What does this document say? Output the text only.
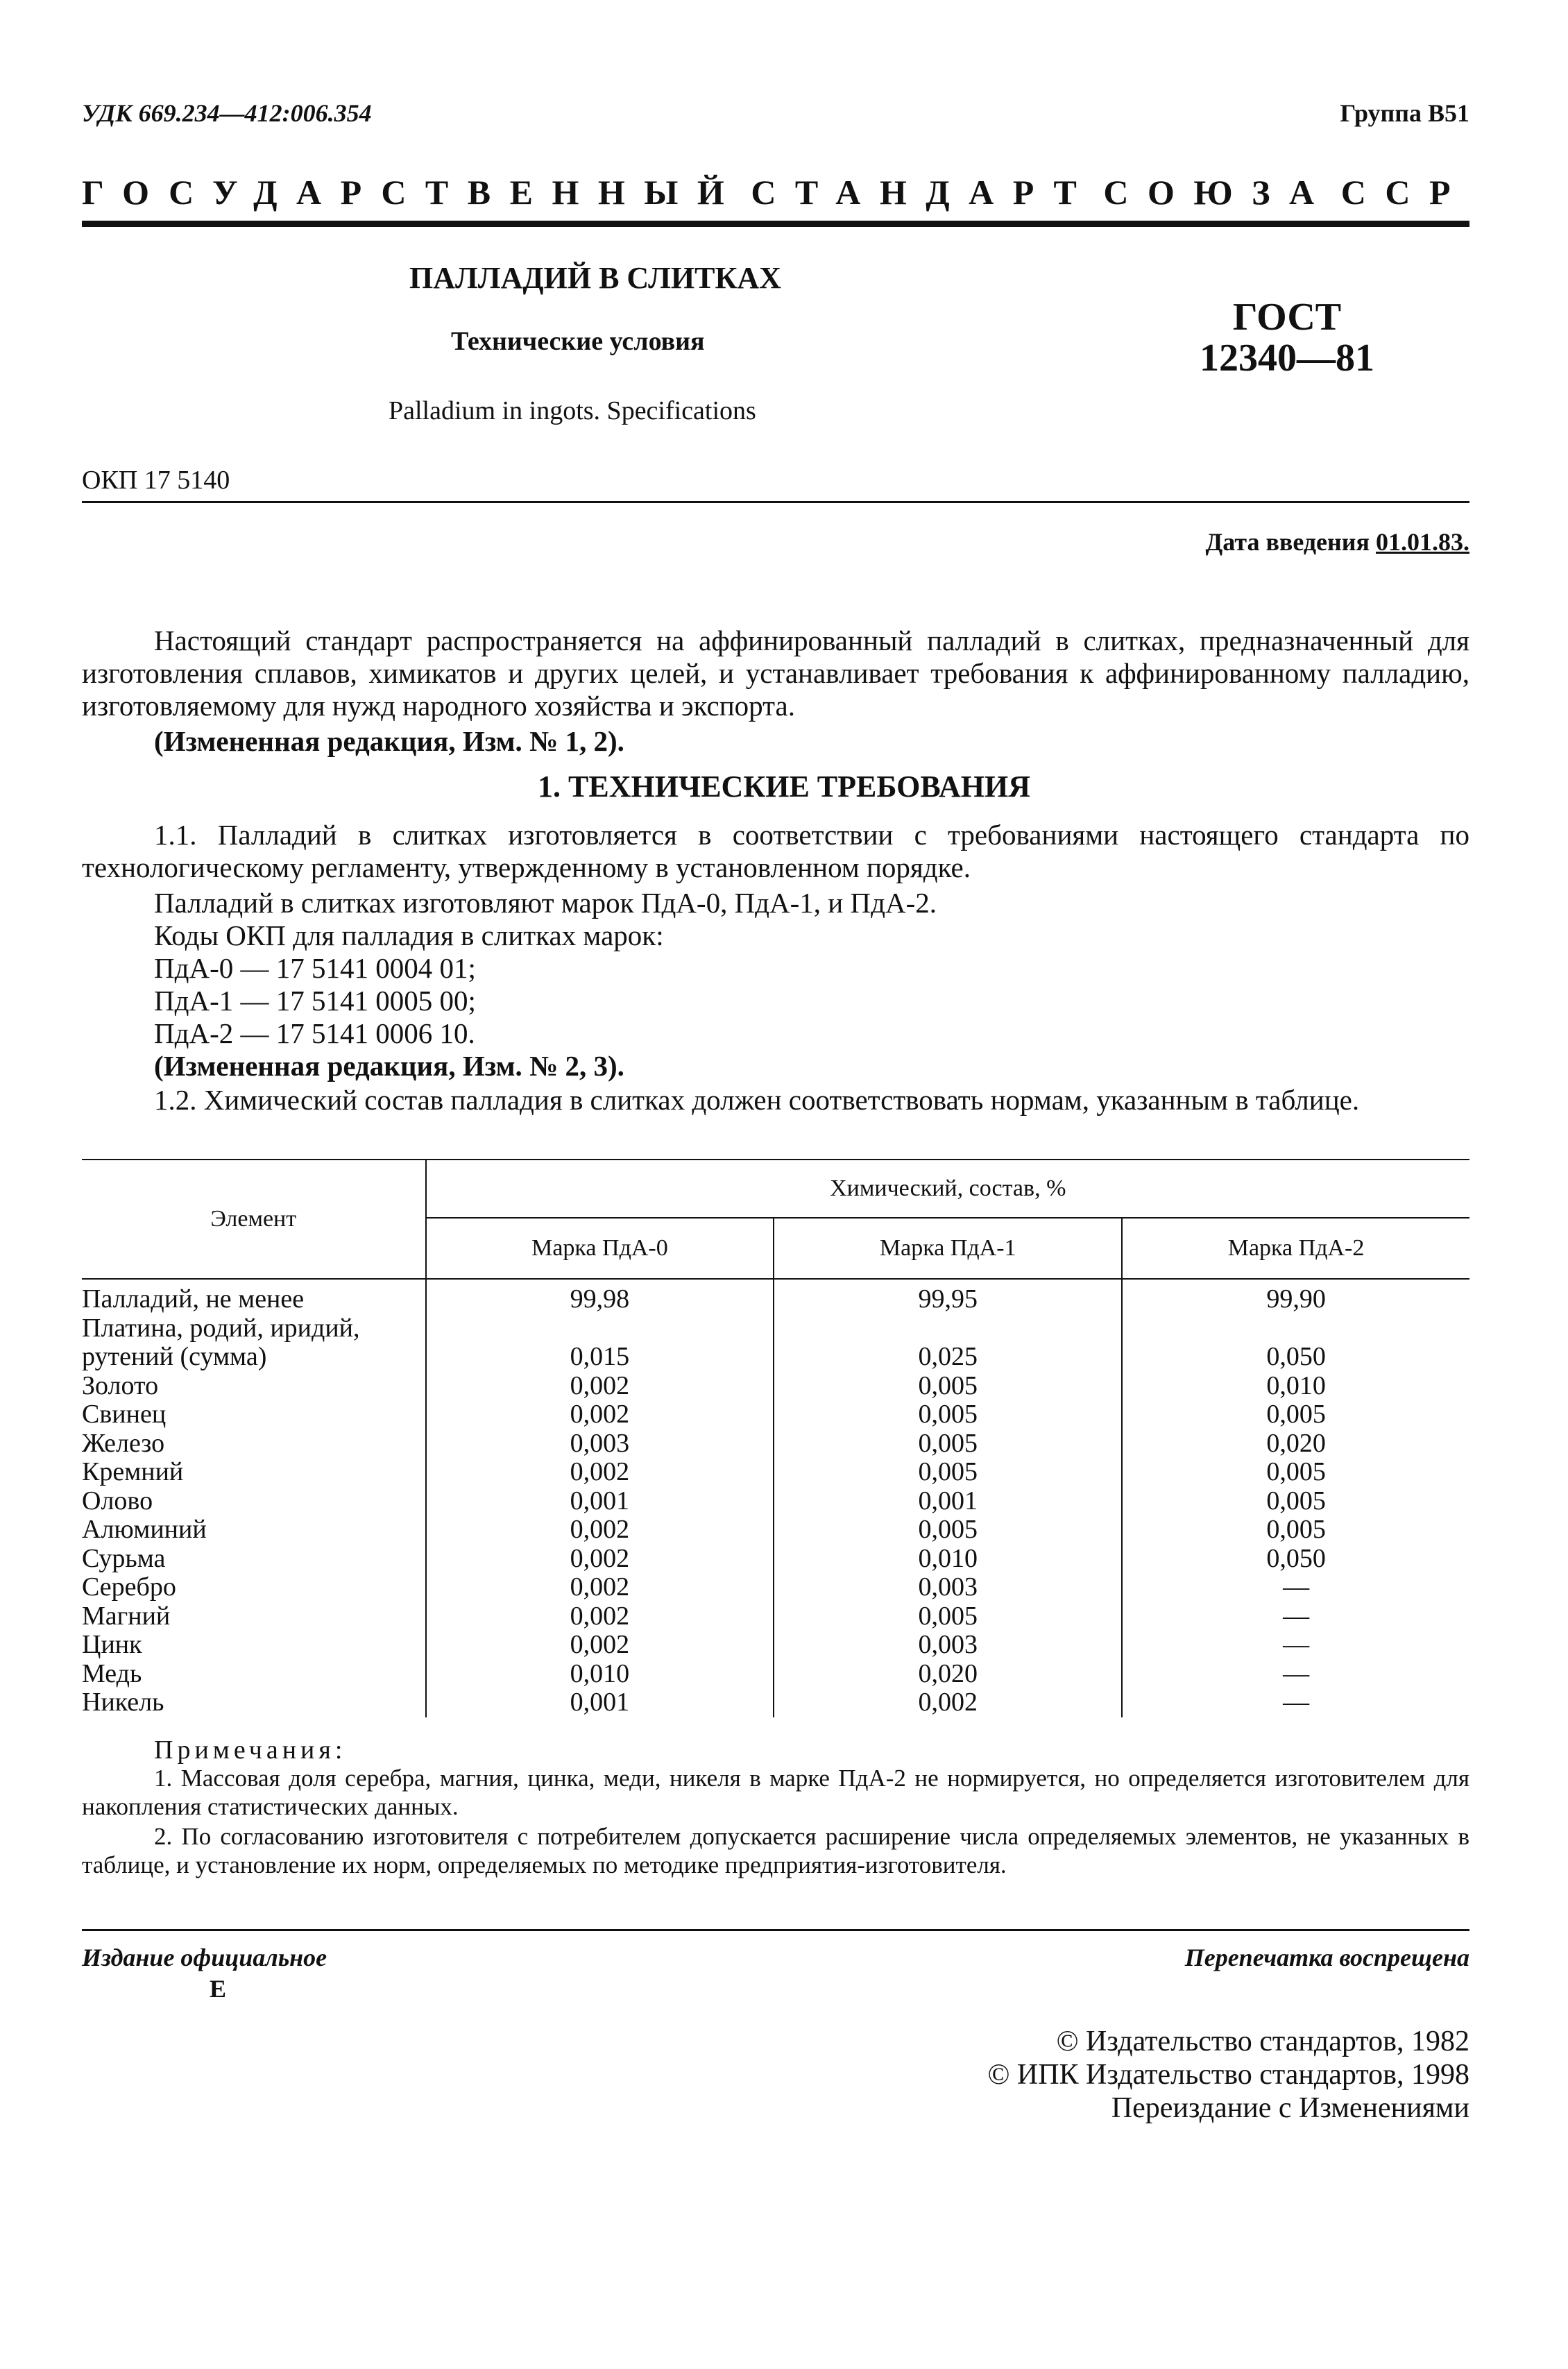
УДК 669.234—412:006.354	Группа В51
ГОСУДАРСТВЕННЫЙ СТАНДАРТ СОЮЗА ССР
ПАЛЛАДИЙ В СЛИТКАХ
Технические условия
Palladium in ingots. Specifications
ГОСТ
12340—81
ОКП 17 5140
Дата введения 01.01.83.
Настоящий стандарт распространяется на аффинированный палладий в слитках, предназначенный для изготовления сплавов, химикатов и других целей, и устанавливает требования к аффинированному палладию, изготовляемому для нужд народного хозяйства и экспорта.
(Измененная редакция, Изм. № 1, 2).
1. ТЕХНИЧЕСКИЕ ТРЕБОВАНИЯ
1.1. Палладий в слитках изготовляется в соответствии с требованиями настоящего стандарта по технологическому регламенту, утвержденному в установленном порядке.
Палладий в слитках изготовляют марок ПдА-0, ПдА-1, и ПдА-2.
Коды ОКП для палладия в слитках марок:
ПдА-0 — 17 5141 0004 01;
ПдА-1 — 17 5141 0005 00;
ПдА-2 — 17 5141 0006 10.
(Измененная редакция, Изм. № 2, 3).
1.2. Химический состав палладия в слитках должен соответствовать нормам, указанным в таблице.
Элемент	Химический, состав, %		
	Марка ПдА-0	Марка ПдА-1	Марка ПдА-2
Палладий, не менее	99,98	99,95	99,90
Платина, родий, иридий,			
рутений (сумма)	0,015	0,025	0,050
Золото	0,002	0,005	0,010
Свинец	0,002	0,005	0,005
Железо	0,003	0,005	0,020
Кремний	0,002	0,005	0,005
Олово	0,001	0,001	0,005
Алюминий	0,002	0,005	0,005
Сурьма	0,002	0,010	0,050
Серебро	0,002	0,003	—
Магний	0,002	0,005	—
Цинк	0,002	0,003	—
Медь	0,010	0,020	—
Никель	0,001	0,002	—
Примечания:
1. Массовая доля серебра, магния, цинка, меди, никеля в марке ПдА-2 не нормируется, но определяется изготовителем для накопления статистических данных.
2. По согласованию изготовителя с потребителем допускается расширение числа определяемых элементов, не указанных в таблице, и установление их норм, определяемых по методике предприятия-изготовителя.
Издание официальное
Е
Перепечатка воспрещена
© Издательство стандартов, 1982
© ИПК Издательство стандартов, 1998
Переиздание с Изменениями
